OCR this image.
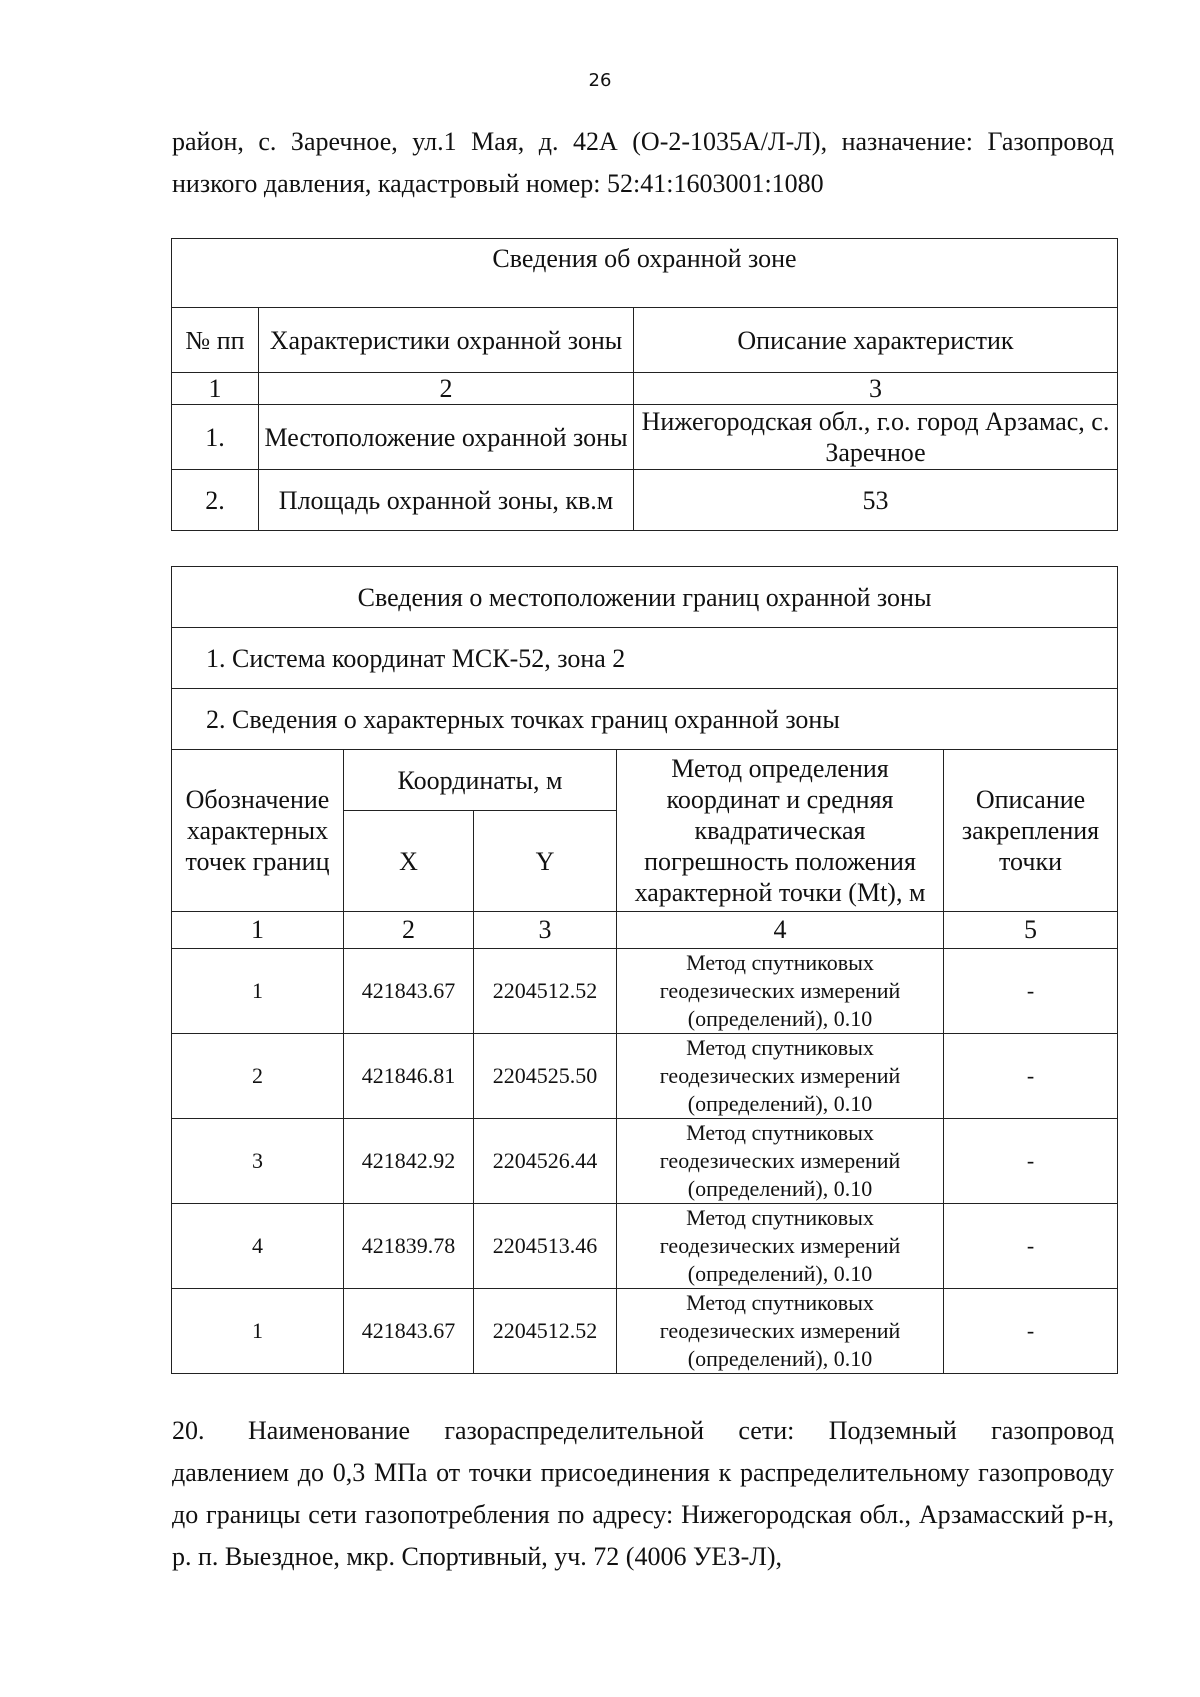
26
район, с. Заречное, ул.1 Мая, д. 42А (О-2-1035А/Л-Л), назначение: Газопровод низкого давления, кадастровый номер: 52:41:1603001:1080
Сведения об охранной зоне		
№ пп	Характеристики охранной зоны	Описание характеристик
1	2	3
1.	Местоположение охранной зоны	Нижегородская обл., г.о. город Арзамас, с. Заречное
2.	Площадь охранной зоны, кв.м	53
Сведения о местоположении границ охранной зоны				
1. Система координат МСК-52, зона 2				
2. Сведения о характерных точках границ охранной зоны				
Обозначение характерных точек границ	Координаты, м		Метод определения координат и средняя квадратическая погрешность положения характерной точки (Mt), м	Описание закрепления точки
	X	Y		
1	2	3	4	5
1	421843.67	2204512.52	Метод спутниковых геодезических измерений (определений), 0.10	-
2	421846.81	2204525.50	Метод спутниковых геодезических измерений (определений), 0.10	-
3	421842.92	2204526.44	Метод спутниковых геодезических измерений (определений), 0.10	-
4	421839.78	2204513.46	Метод спутниковых геодезических измерений (определений), 0.10	-
1	421843.67	2204512.52	Метод спутниковых геодезических измерений (определений), 0.10	-
20. Наименование газораспределительной сети: Подземный газопровод давлением до 0,3 МПа от точки присоединения к распределительному газопроводу до границы сети газопотребления по адресу: Нижегородская обл., Арзамасский р-н, р. п. Выездное, мкр. Спортивный, уч. 72 (4006 УЕЗ-Л),
